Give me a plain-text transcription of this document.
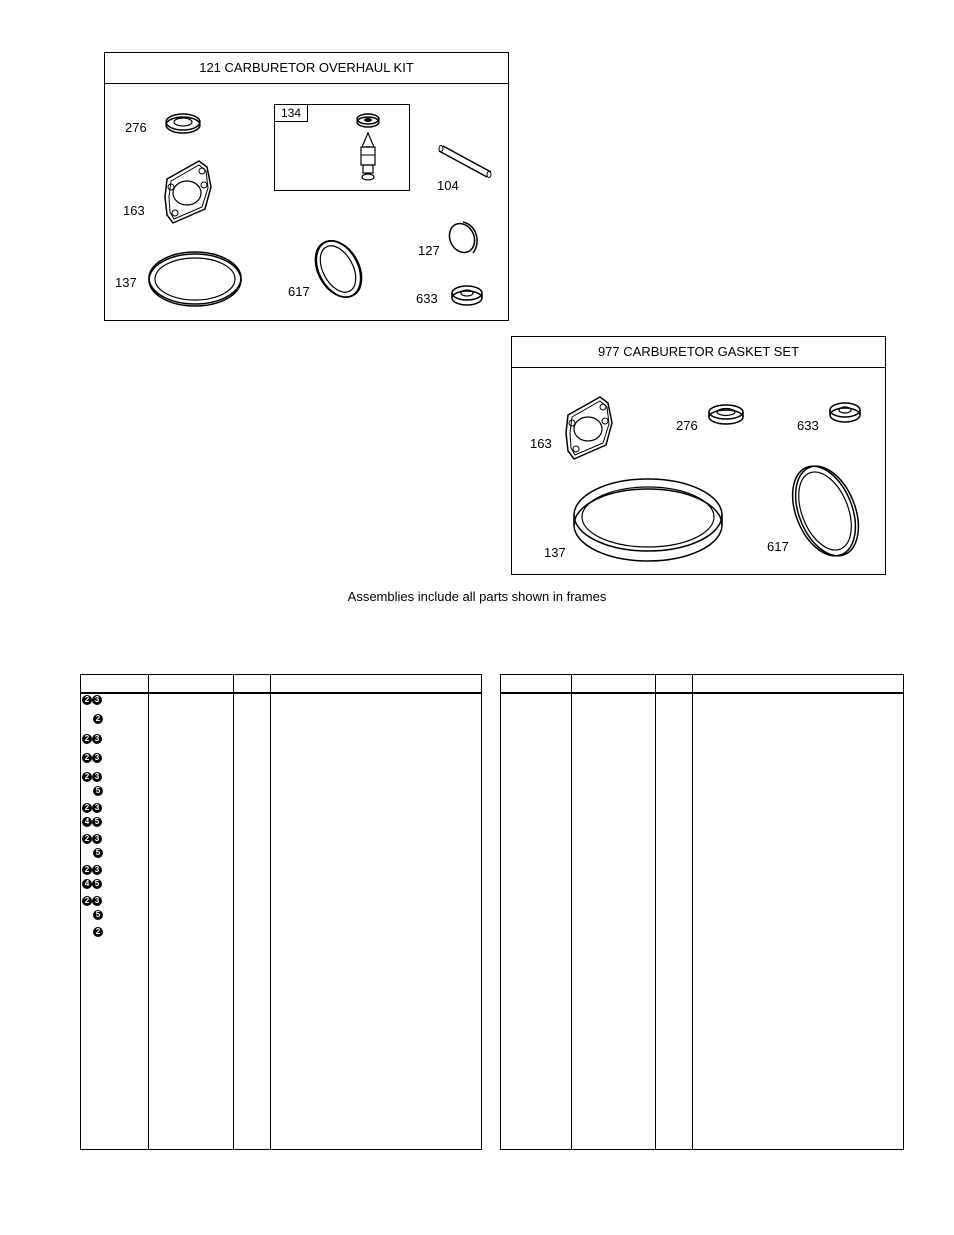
121 CARBURETOR OVERHAUL KIT
276
163
137
617
104
127
633
134
977 CARBURETOR GASKET SET
163
276	633
137	617
Assemblies include all parts shown in frames
2 3
2
2 3
2 3
2 3
5
2 3
4 5
2 3
5
2 3
4 5
2 3
5
2
